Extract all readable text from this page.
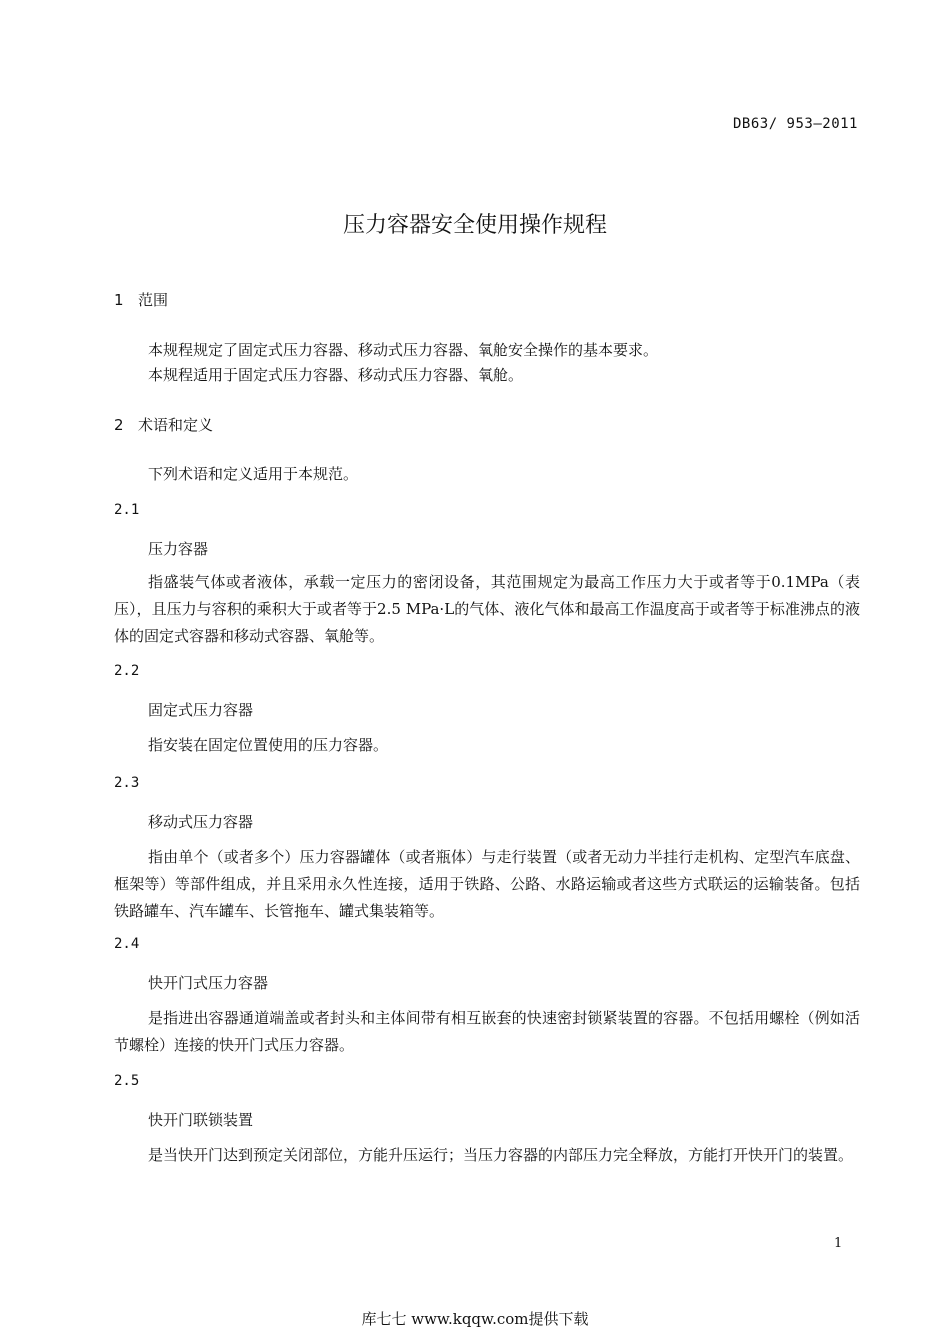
DB63/ 953—2011
压力容器安全使用操作规程
1 范围
本规程规定了固定式压力容器、移动式压力容器、氧舱安全操作的基本要求。
本规程适用于固定式压力容器、移动式压力容器、氧舱。
2 术语和定义
下列术语和定义适用于本规范。
2.1
压力容器
指盛装气体或者液体，承载一定压力的密闭设备，其范围规定为最高工作压力大于或者等于0.1MPa（表压），且压力与容积的乘积大于或者等于2.5 MPa·L的气体、液化气体和最高工作温度高于或者等于标准沸点的液体的固定式容器和移动式容器、氧舱等。
2.2
固定式压力容器
指安装在固定位置使用的压力容器。
2.3
移动式压力容器
指由单个（或者多个）压力容器罐体（或者瓶体）与走行装置（或者无动力半挂行走机构、定型汽车底盘、框架等）等部件组成，并且采用永久性连接，适用于铁路、公路、水路运输或者这些方式联运的运输装备。包括铁路罐车、汽车罐车、长管拖车、罐式集装箱等。
2.4
快开门式压力容器
是指进出容器通道端盖或者封头和主体间带有相互嵌套的快速密封锁紧装置的容器。不包括用螺栓（例如活节螺栓）连接的快开门式压力容器。
2.5
快开门联锁装置
是当快开门达到预定关闭部位，方能升压运行；当压力容器的内部压力完全释放，方能打开快开门的装置。
1
库七七 www.kqqw.com提供下载
